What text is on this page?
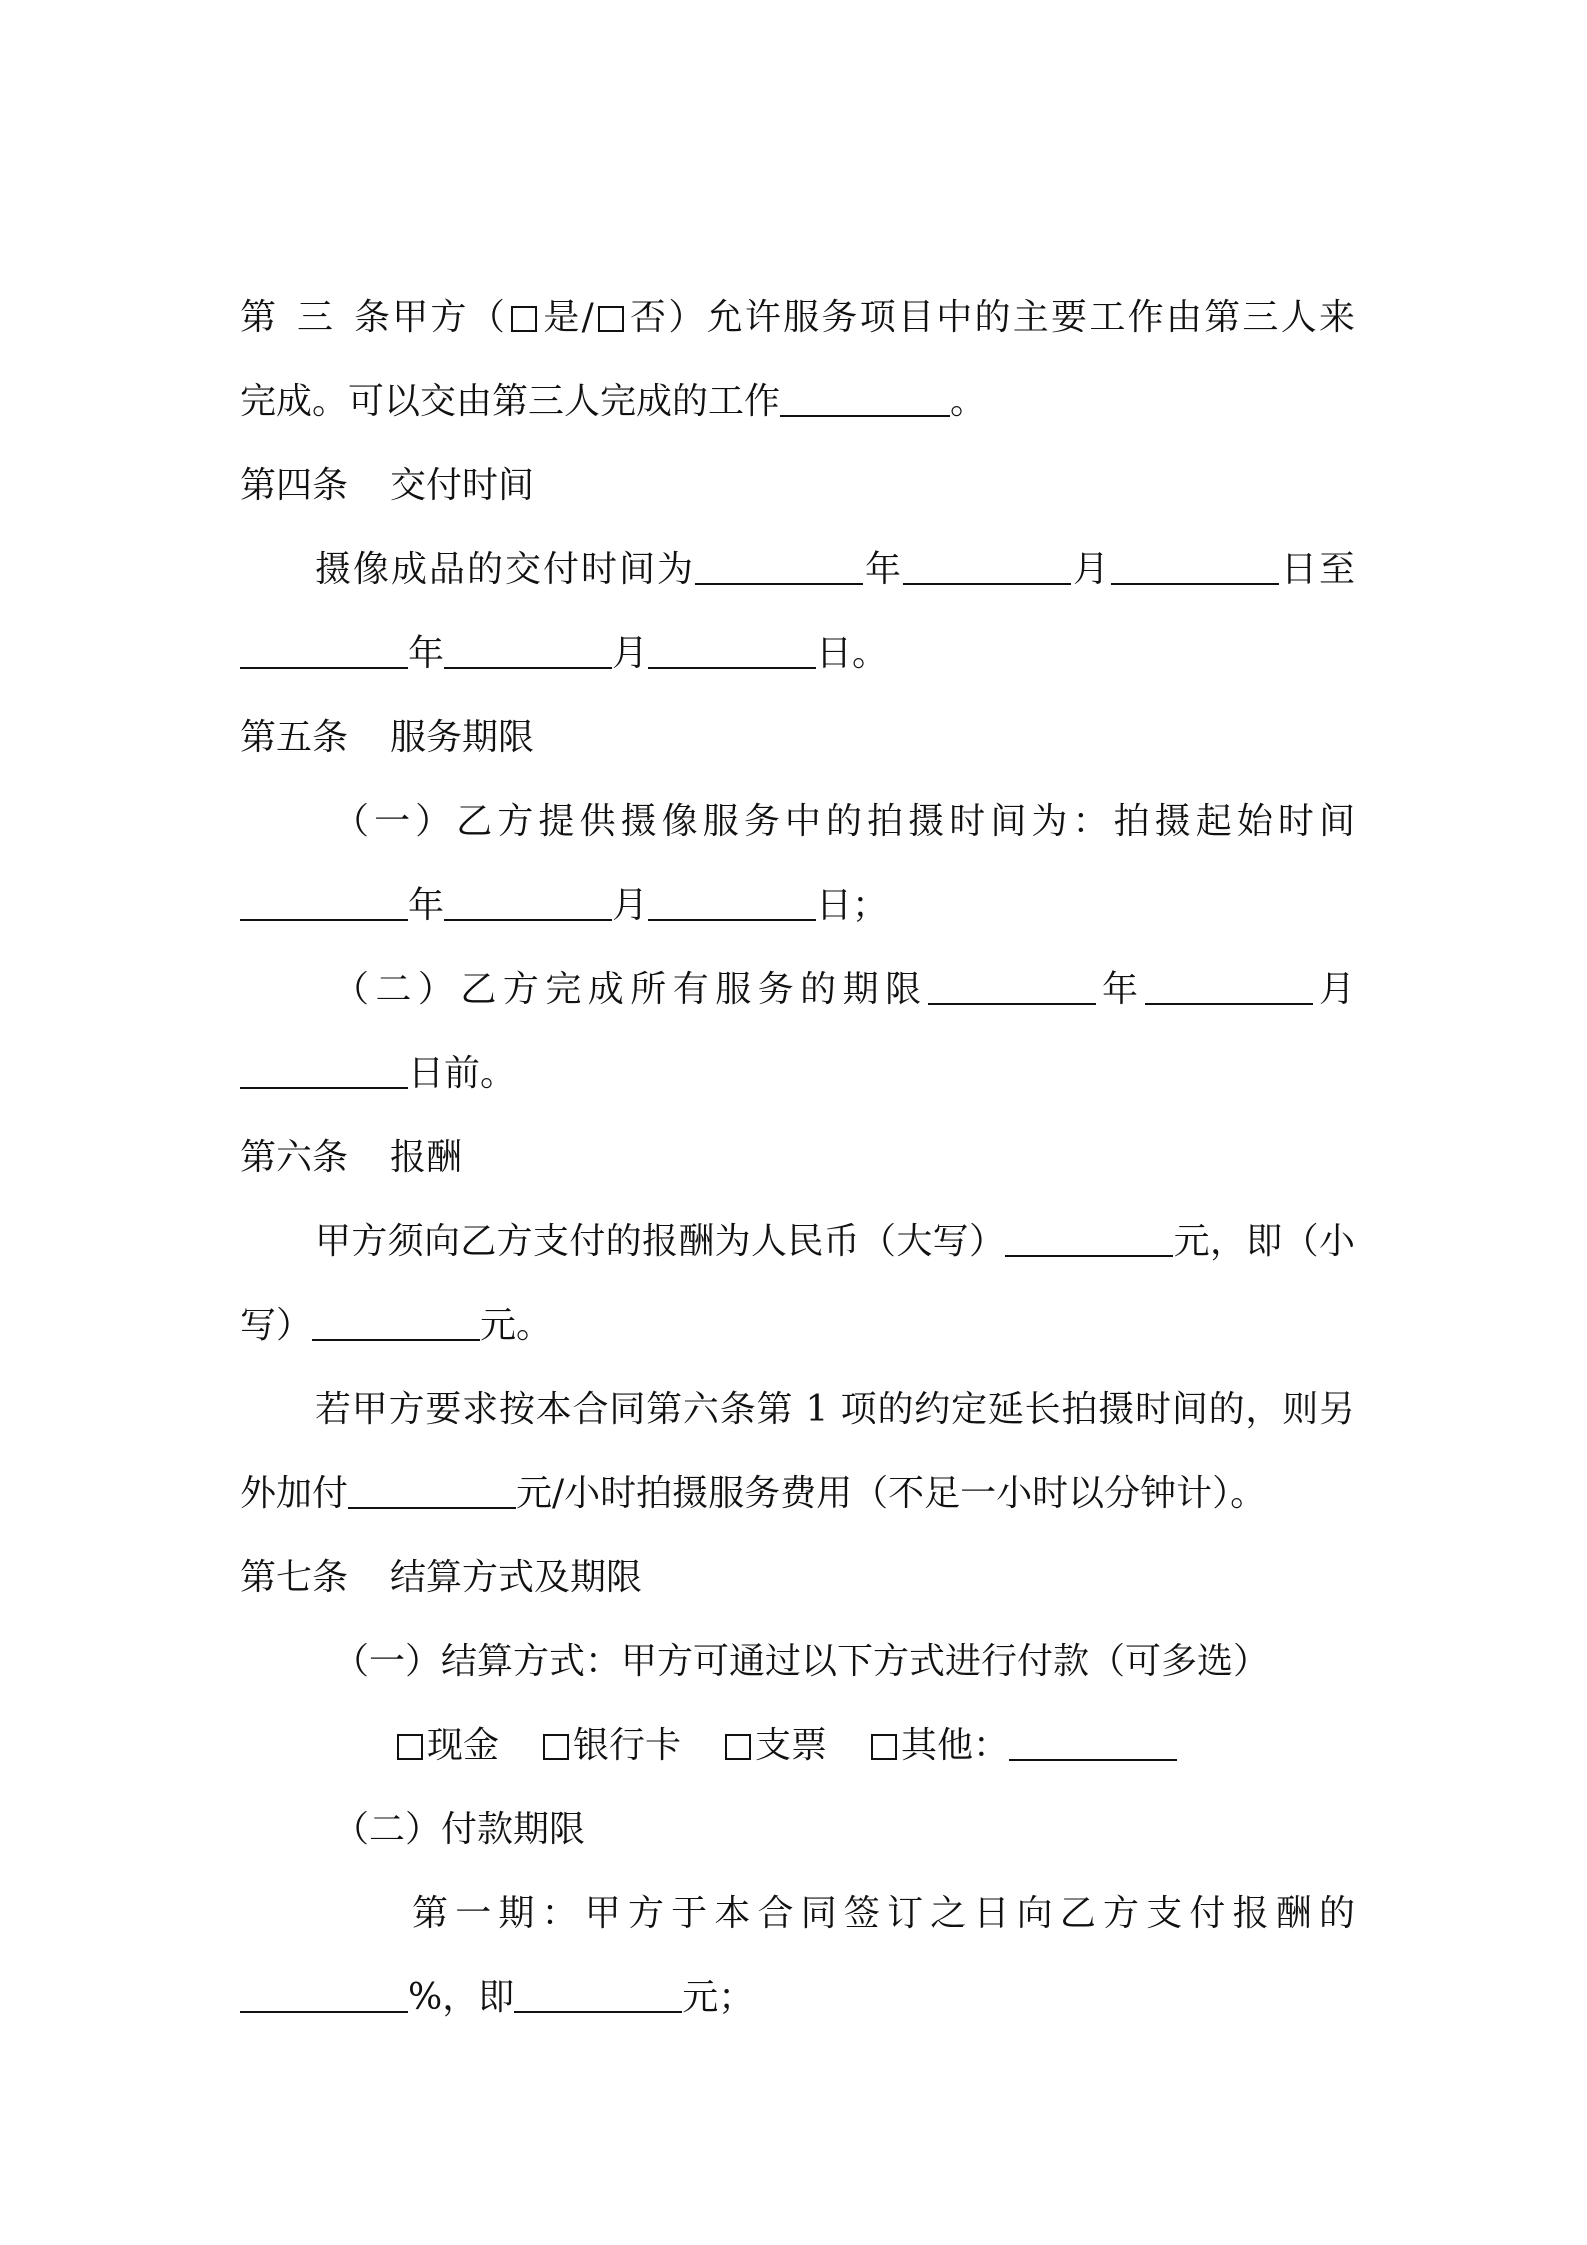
第三条甲方（ 是/ 否）允许服务项目中的主要工作由第三人来
完成。可以交由第三人完成的工作	。
第四条 交付时间
摄像成品的交付时间为	年	月	日至
年	月	日。
第五条 服务期限
（一）乙方提供摄像服务中的拍摄时间为：拍摄起始时间
年	月	日；
（二）乙方完成所有服务的期限	年	月
日前。
第六条 报酬
甲方须向乙方支付的报酬为人民币（大写）	元，即（小
写）	元。
若甲方要求按本合同第六条第 1 项的约定延长拍摄时间的，则另
外加付	元/小时拍摄服务费用（不足一小时以分钟计）。
第七条 结算方式及期限
（一）结算方式：甲方可通过以下方式进行付款（可多选）
现金 银行卡 支票 其他：
（二）付款期限
第一期：甲方于本合同签订之日向乙方支付报酬的
%，即	元；
